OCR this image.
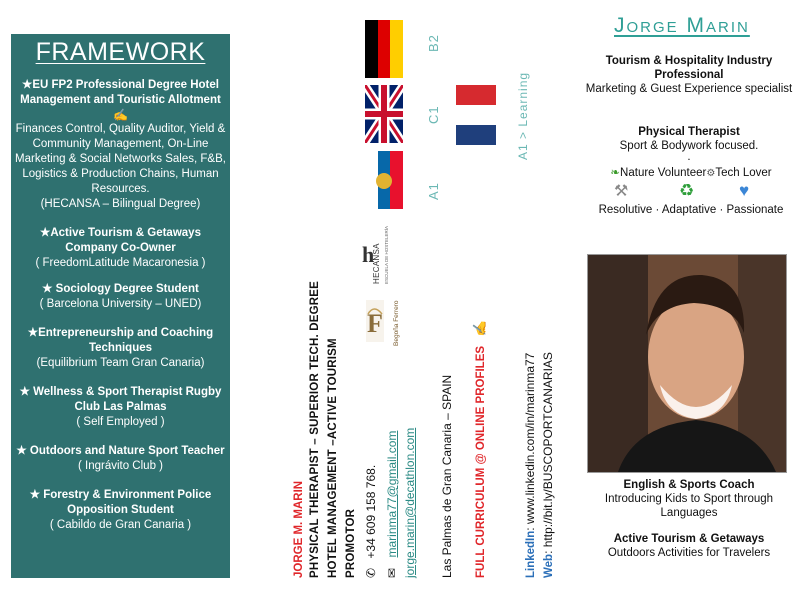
FRAMEWORK
★EU FP2 Professional Degree Hotel Management and Touristic Allotment
✍
Finances Control, Quality Auditor, Yield & Community Management, On-Line Marketing & Social Networks Sales, F&B, Logistics & Production Chains, Human Resources.
(HECANSA – Bilingual Degree)
★Active Tourism & Getaways Company Co-Owner
( FreedomLatitude Macaronesia )
★ Sociology Degree Student
( Barcelona University – UNED)
★Entrepreneurship and Coaching Techniques
(Equilibrium Team Gran Canaria)
★ Wellness & Sport Therapist Rugby Club Las Palmas
( Self Employed )
★ Outdoors and Nature Sport Teacher
( Ingrávito Club )
★ Forestry & Environment Police Opposition Student
( Cabildo de Gran Canaria )	JORGE M. MARIN PHYSICAL THERAPIST – SUPERIOR TECH. DEGREE HOTEL MANAGEMENT –ACTIVE TOURISM PROMOTOR ✆ +34 609 158 768.
✉ marinma77@gmail.com jorge.marin@decathlon.com Las Palmas de Gran Canaria – SPAIN FULL CURRICULUM @ ONLINE PROFILES ✍
LinkedIn: www.linkedin.com/in/marinma77
Web: http://bit.ly/BUSCOPORTCANARIAS
h
HECANSA ESCUELA DE HOSTELERÍA
F Begoña Ferrero
B2
C1
A1
A1 > Learning
Jorge Marin
Tourism & Hospitality Industry Professional
Marketing & Guest Experience specialist
Physical Therapist
Sport & Bodywork focused.
.
❧Nature Volunteer⚙Tech Lover
⚒	♻	♥
Resolutive · Adaptative · Passionate
English & Sports Coach
Introducing Kids to Sport through Languages
Active Tourism & Getaways
Outdoors Activities for Travelers
